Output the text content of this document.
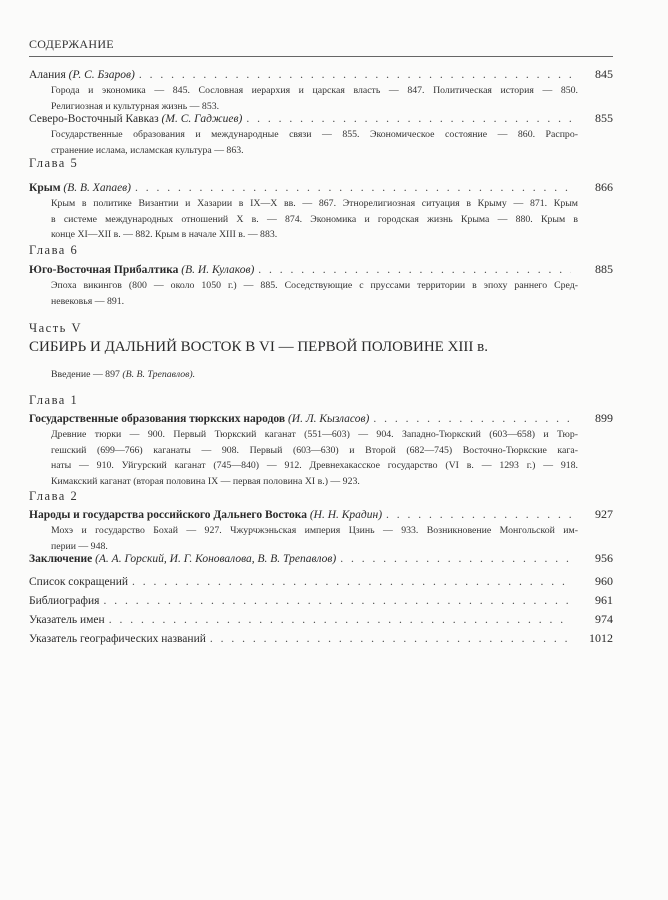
СОДЕРЖАНИЕ
Алания (Р. С. Бзаров) . . .	845
Города и экономика — 845. Сословная иерархия и царская власть — 847. Политическая история — 850.
Религиозная и культурная жизнь — 853.
Северо-Восточный Кавказ (М. С. Гаджиев) . . .	855
Государственные образования и международные связи — 855. Экономическое состояние — 860. Распро-
странение ислама, исламская культура — 863.
Глава 5
Крым (В. В. Хапаев) . . .	866
Крым в политике Византии и Хазарии в IX—X вв. — 867. Этнорелигиозная ситуация в Крыму — 871. Крым
в системе международных отношений X в. — 874. Экономика и городская жизнь Крыма — 880. Крым в
конце XI—XII в. — 882. Крым в начале XIII в. — 883.
Глава 6
Юго-Восточная Прибалтика (В. И. Кулаков) . . .	885
Эпоха викингов (800 — около 1050 г.) — 885. Соседствующие с пруссами территории в эпоху раннего Сред-
невековья — 891.
Часть V
СИБИРЬ И ДАЛЬНИЙ ВОСТОК В VI — ПЕРВОЙ ПОЛОВИНЕ XIII в.
Введение — 897 (В. В. Трепавлов).
Глава 1
Государственные образования тюркских народов (И. Л. Кызласов) . . .	899
Древние тюрки — 900. Первый Тюркский каганат (551—603) — 904. Западно-Тюркский (603—658) и Тюр-
гешский (699—766) каганаты — 908. Первый (603—630) и Второй (682—745) Восточно-Тюркские кага-
наты — 910. Уйгурский каганат (745—840) — 912. Древнехакасское государство (VI в. — 1293 г.) — 918.
Кимакский каганат (вторая половина IX — первая половина XI в.) — 923.
Глава 2
Народы и государства российского Дальнего Востока (Н. Н. Крадин) . . .	927
Мохэ и государство Бохай — 927. Чжурчжэньская империя Цзинь — 933. Возникновение Монгольской им-
перии — 948.
Заключение (А. А. Горский, И. Г. Коновалова, В. В. Трепавлов) . . .	956
Список сокращений . . .	960
Библиография . . .	961
Указатель имен . . .	974
Указатель географических названий . . .	1012
